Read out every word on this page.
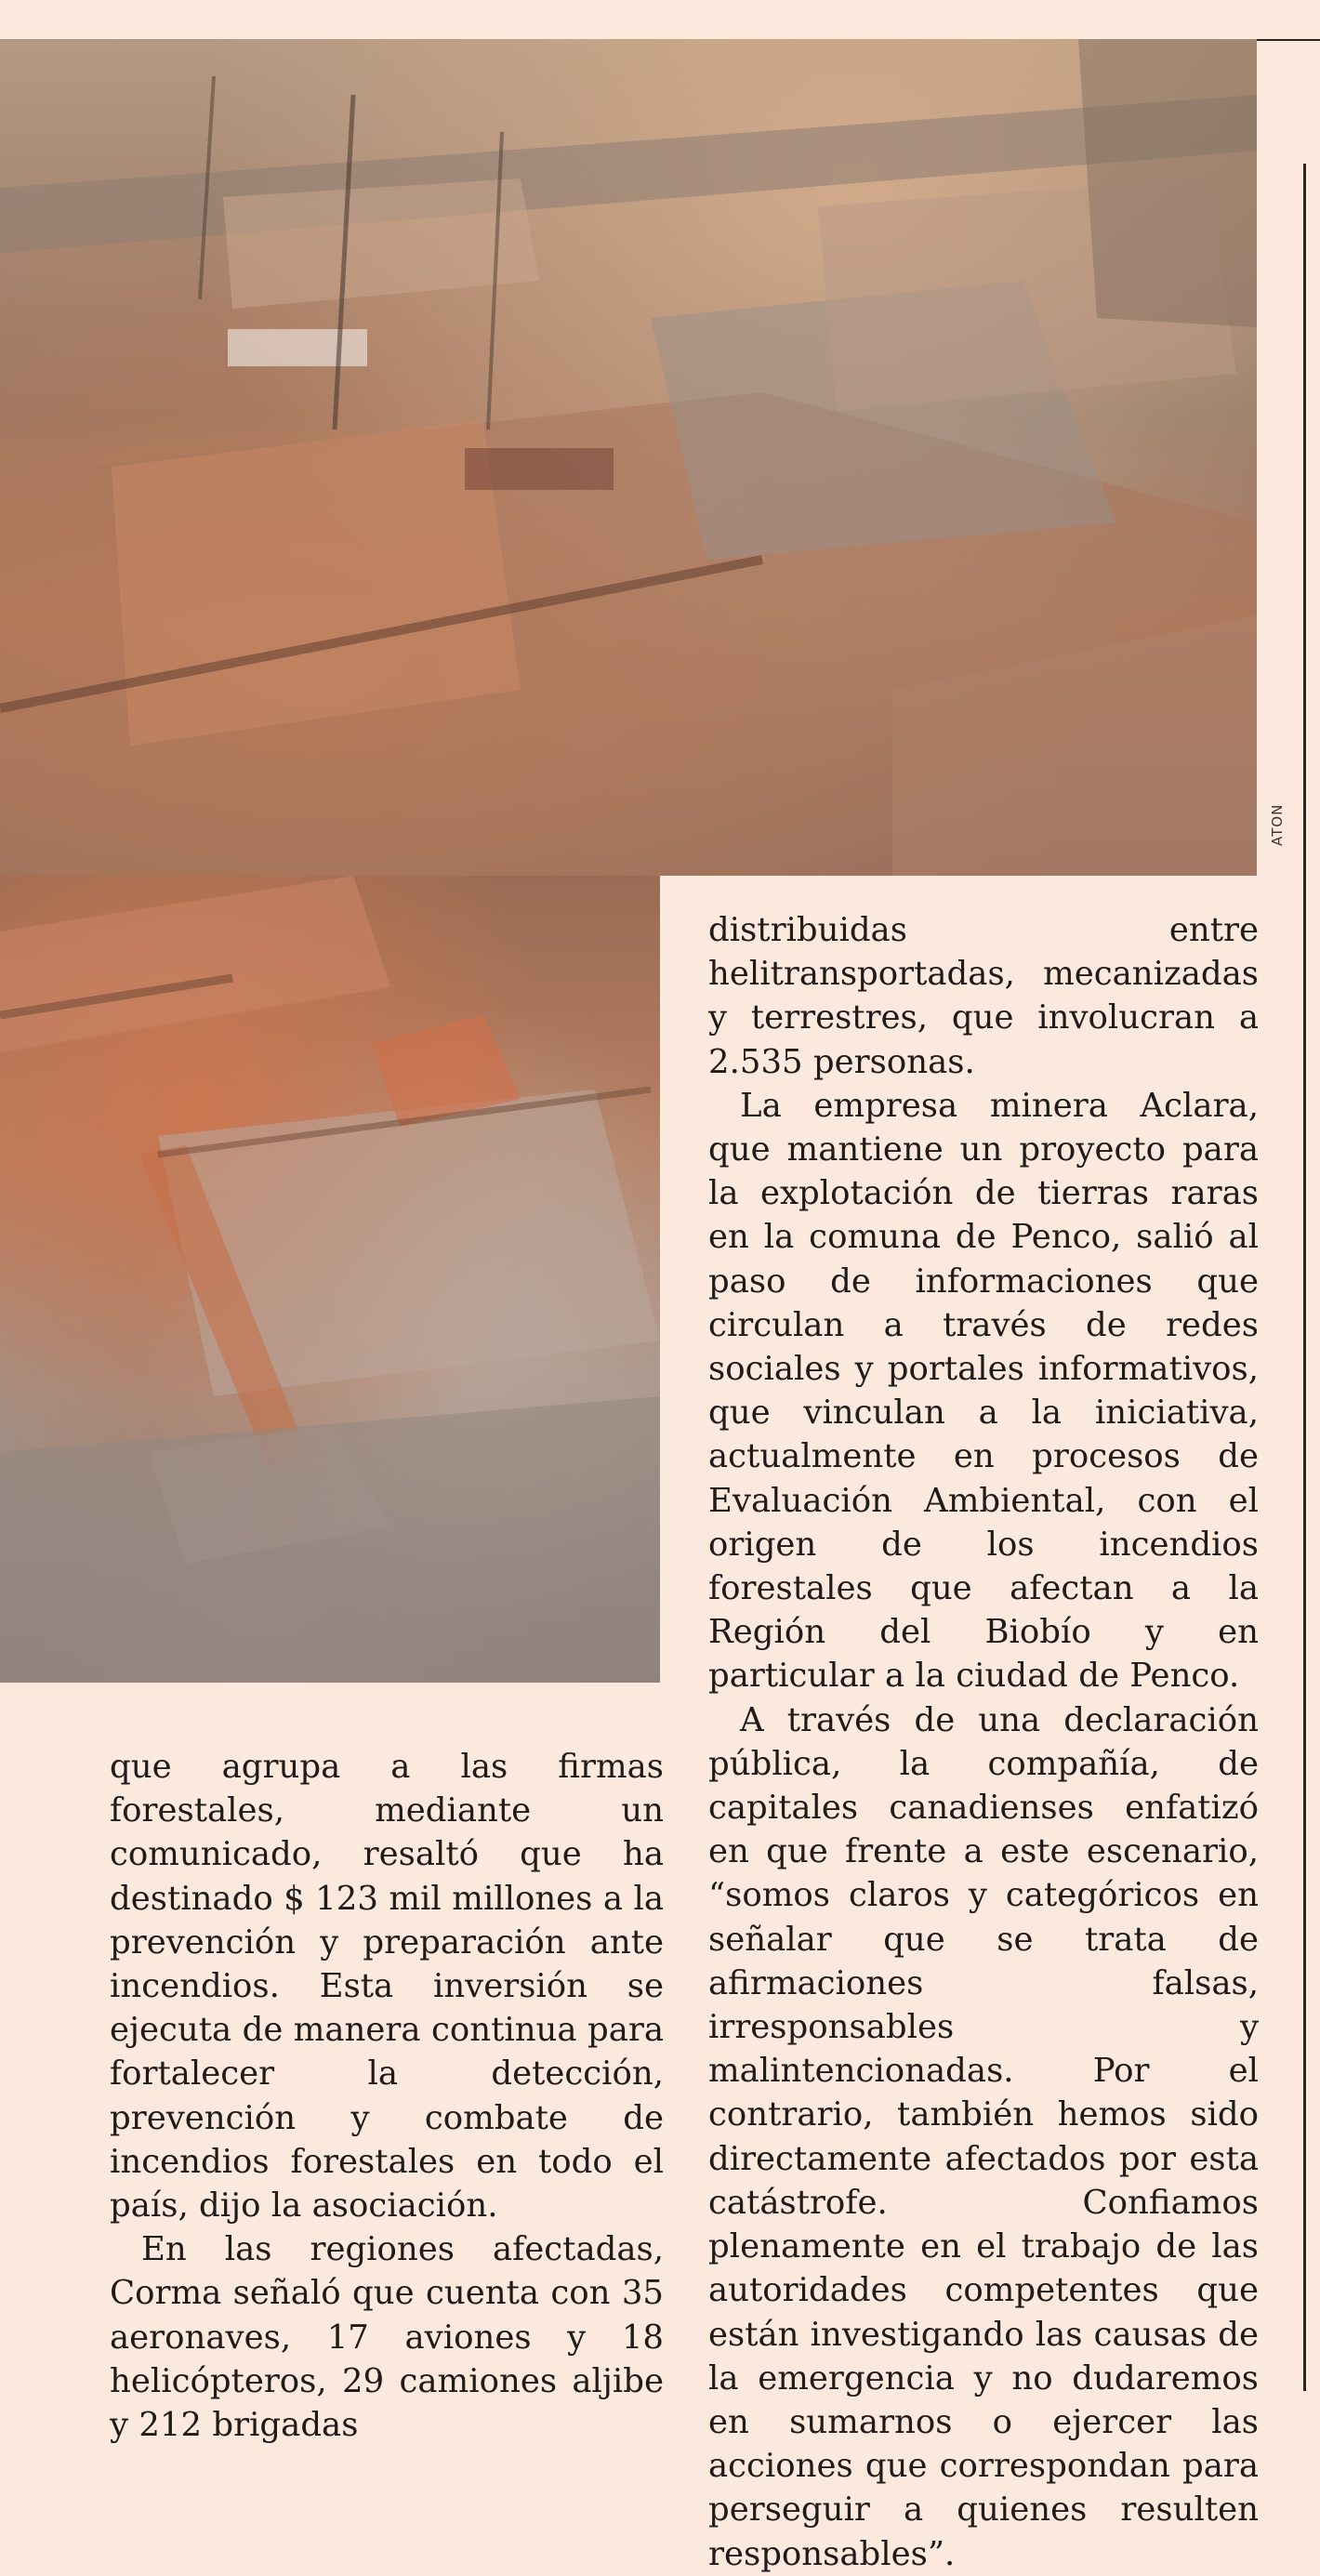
ATON

distribuidas entre helitransportadas, mecanizadas y terrestres, que involucran a 2.535 personas.

La empresa minera Aclara, que mantiene un proyecto para la explotación de tierras raras en la comuna de Penco, salió al paso de informaciones que circulan a través de redes sociales y portales informativos, que vinculan a la iniciativa, actualmente en procesos de Evaluación Ambiental, con el origen de los incendios forestales que afectan a la Región del Biobío y en particular a la ciudad de Penco.

A través de una declaración pública, la compañía, de capitales canadienses enfatizó en que frente a este escenario, “somos claros y categóricos en señalar que se trata de afirmaciones falsas, irresponsables y malintencionadas. Por el contrario, también hemos sido directamente afectados por esta catástrofe. Confiamos plenamente en el trabajo de las autoridades competentes que están investigando las causas de la emergencia y no dudaremos en sumarnos o ejercer las acciones que correspondan para perseguir a quienes resulten responsables”.

que agrupa a las firmas forestales, mediante un comunicado, resaltó que ha destinado $ 123 mil millones a la prevención y preparación ante incendios. Esta inversión se ejecuta de manera continua para fortalecer la detección, prevención y combate de incendios forestales en todo el país, dijo la asociación.

En las regiones afectadas, Corma señaló que cuenta con 35 aeronaves, 17 aviones y 18 helicópteros, 29 camiones aljibe y 212 brigadas
